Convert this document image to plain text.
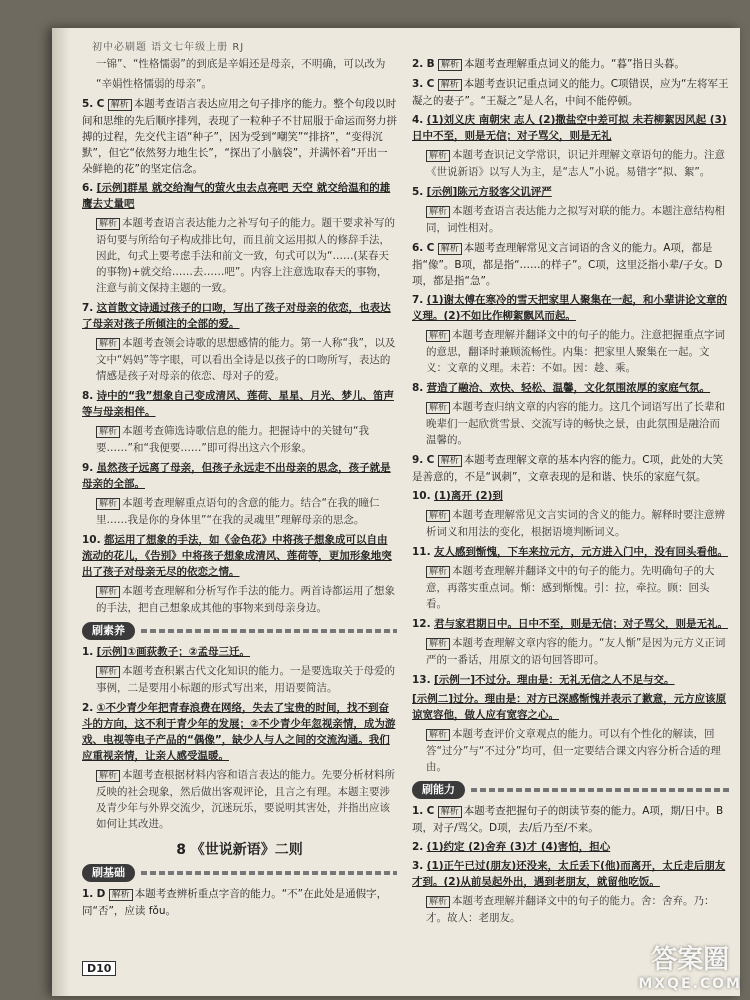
初中必刷题 语文七年级上册 RJ

一锦”、“性格懦弱”的到底是辛娟还是母亲，不明确，可以改为

“辛娟性格懦弱的母亲”。

5. C 解析 本题考查语言表达应用之句子排序的能力。整个句段以时间和思维的先后顺序排列，表现了一粒种子不甘屈服于命运而努力拼搏的过程，先交代主语“种子”，因为受到“嘲笑”“排挤”，“变得沉默”，但它“依然努力地生长”，“探出了小脑袋”，并满怀着“开出一朵鲜艳的花”的坚定信念。
6. [示例]群星 就交给淘气的萤火虫去点亮吧 天空 就交给温和的雄鹰去丈量吧

解析 本题考查语言表达能力之补写句子的能力。题干要求补写的语句要与所给句子构成排比句，而且前文运用拟人的修辞手法，因此，句式上要考虑手法和前文一致，句式可以为“……(某春天的事物)+就交给……去……吧”。内容上注意选取春天的事物，注意与前文保持主题的一致。

7. 这首散文诗通过孩子的口吻，写出了孩子对母亲的依恋，也表达了母亲对孩子所倾注的全部的爱。

解析 本题考查领会诗歌的思想感情的能力。第一人称“我”，以及文中“妈妈”等字眼，可以看出全诗是以孩子的口吻所写，表达的情感是孩子对母亲的依恋、母对子的爱。

8. 诗中的“我”想象自己变成清风、莲荷、星星、月光、梦儿、笛声等与母亲相伴。

解析 本题考查筛选诗歌信息的能力。把握诗中的关键句“我要……”和“我便要……”即可得出这六个形象。

9. 虽然孩子远离了母亲，但孩子永远走不出母亲的思念，孩子就是母亲的全部。

解析 本题考查理解重点语句的含意的能力。结合“在我的瞳仁里……我是你的身体里”“在我的灵魂里”理解母亲的思念。

10. 都运用了想象的手法，如《金色花》中将孩子想象成可以自由流动的花儿，《告别》中将孩子想象成清风、莲荷等，更加形象地突出了孩子对母亲无尽的依恋之情。

解析 本题考查理解和分析写作手法的能力。两首诗都运用了想象的手法，把自己想象成其他的事物来到母亲身边。

刷素养
1. [示例]①画荻教子；②孟母三迁。

解析 本题考查积累古代文化知识的能力。一是要选取关于母爱的事例，二是要用小标题的形式写出来，用语要简洁。

2. ①不少青少年把青春浪费在网络，失去了宝贵的时间，找不到奋斗的方向，这不利于青少年的发展；②不少青少年忽视亲情，成为游戏、电视等电子产品的“偶像”，缺少人与人之间的交流沟通。我们应重视亲情，让亲人感受温暖。

解析 本题考查根据材料内容和语言表达的能力。先要分析材料所反映的社会现象，然后做出客观评论，且言之有理。本题主要涉及青少年与外界交流少，沉迷玩乐，要说明其害处，并指出应该如何让其改进。

8 《世说新语》二则
刷基础
1. D 解析 本题考查辨析重点字音的能力。“不”在此处是通假字，同“否”，应读 fǒu。
2. B 解析 本题考查理解重点词义的能力。“暮”指日头暮。
3. C 解析 本题考查识记重点词义的能力。C项错误，应为“左将军王凝之的妻子”。“王凝之”是人名，中间不能停顿。
4. (1)刘义庆 南朝宋 志人 (2)撒盐空中差可拟 未若柳絮因风起 (3)日中不至，则是无信；对子骂父，则是无礼

解析 本题考查识记文学常识，识记并理解文章语句的能力。注意《世说新语》以写人为主，是“志人”小说。易错字“拟、絮”。

5. [示例]陈元方驳客父讥评严

解析 本题考查语言表达能力之拟写对联的能力。本题注意结构相同，词性相对。

6. C 解析 本题考查理解常见文言词语的含义的能力。A项，都是指“像”。B项，都是指“……的样子”。C项，这里泛指小辈/子女。D项，都是指“急”。
7. (1)谢太傅在寒冷的雪天把家里人聚集在一起，和小辈讲论文章的义理。(2)不如比作柳絮飘风而起。

解析 本题考查理解并翻译文中的句子的能力。注意把握重点字词的意思，翻译时兼顾流畅性。内集：把家里人聚集在一起。文义：文章的义理。未若：不如。因：趁、乘。

8. 营造了融洽、欢快、轻松、温馨，文化氛围浓厚的家庭气氛。

解析 本题考查归纳文章的内容的能力。这几个词语写出了长辈和晚辈们一起欣赏雪景、交流写诗的畅快之景，由此氛围是融洽而温馨的。

9. C 解析 本题考查理解文章的基本内容的能力。C项，此处的大笑是善意的，不是“讽刺”，文章表现的是和谐、快乐的家庭气氛。
10. (1)离开 (2)到

解析 本题考查理解常见文言实词的含义的能力。解释时要注意辨析词义和用法的变化，根据语境判断词义。

11. 友人感到惭愧，下车来拉元方，元方进入门中，没有回头看他。

解析 本题考查理解并翻译文中的句子的能力。先明确句子的大意，再落实重点词。惭：感到惭愧。引：拉，牵拉。顾：回头看。

12. 君与家君期日中。日中不至，则是无信；对子骂父，则是无礼。

解析 本题考查理解文章内容的能力。“友人惭”是因为元方义正词严的一番话，用原文的语句回答即可。

13. [示例一]不过分。理由是：无礼无信之人不足与交。

[示例二]过分。理由是：对方已深感惭愧并表示了歉意，元方应该原谅宽容他，做人应有宽容之心。

解析 本题考查评价文章观点的能力。可以有个性化的解读，回答“过分”与“不过分”均可，但一定要结合课文内容分析合适的理由。

刷能力
1. C 解析 本题考查把握句子的朗读节奏的能力。A项，期/日中。B项，对子/骂父。D项，去/后乃至/不来。
2. (1)约定 (2)舍弃 (3)才 (4)害怕，担心
3. (1)正午已过(朋友)还没来，太丘丢下(他)而离开，太丘走后朋友才到。(2)从前吴起外出，遇到老朋友，就留他吃饭。

解析 本题考查理解并翻译文中的句子的能力。舍：舍弃。乃：才。故人：老朋友。

D10	答案圈
MXQE.COM
